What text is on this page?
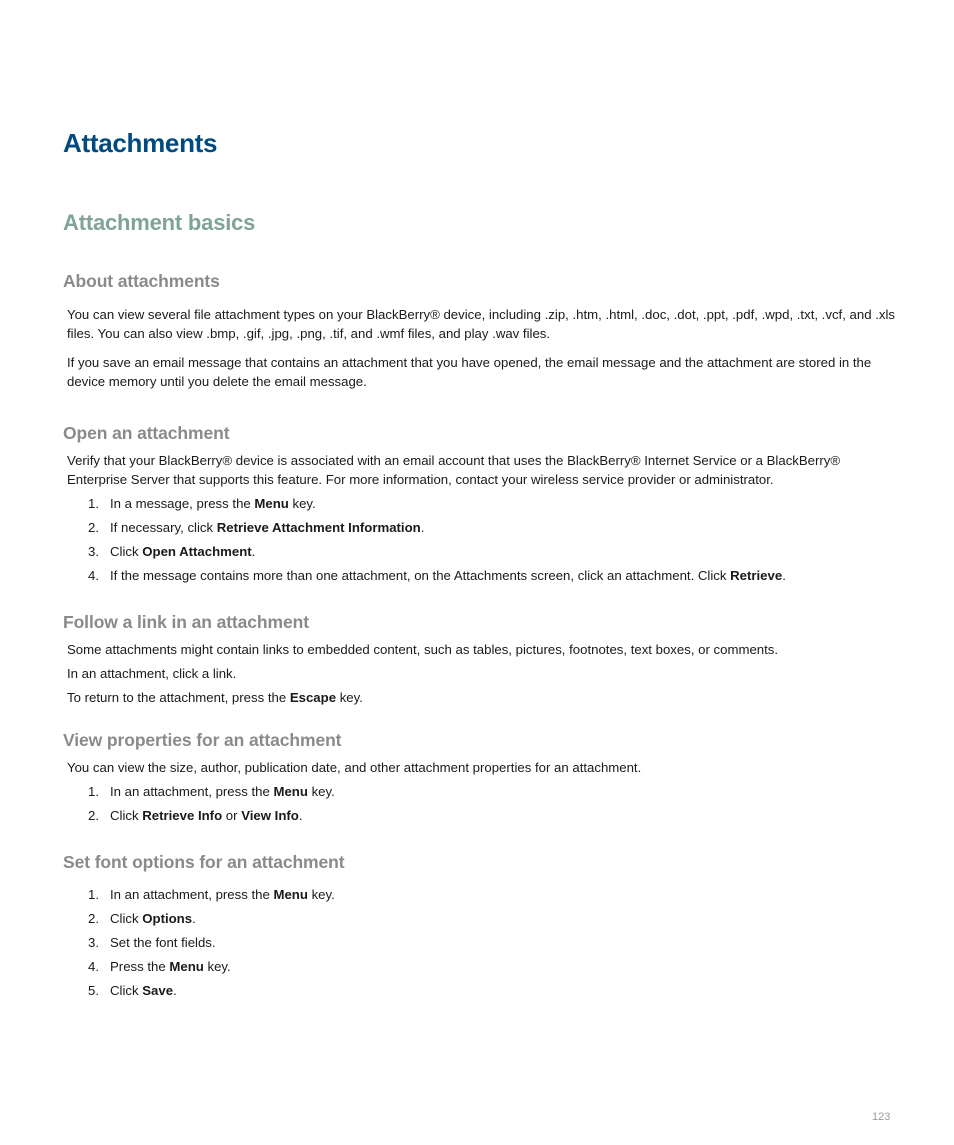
Attachments
Attachment basics
About attachments

You can view several file attachment types on your BlackBerry® device, including .zip, .htm, .html, .doc, .dot, .ppt, .pdf, .wpd, .txt, .vcf, and .xls files. You can also view .bmp, .gif, .jpg, .png, .tif, and .wmf files, and play .wav files.

If you save an email message that contains an attachment that you have opened, the email message and the attachment are stored in the device memory until you delete the email message.

Open an attachment

Verify that your BlackBerry® device is associated with an email account that uses the BlackBerry® Internet Service or a BlackBerry® Enterprise Server that supports this feature. For more information, contact your wireless service provider or administrator.

1. In a message, press the Menu key.
2. If necessary, click Retrieve Attachment Information.
3. Click Open Attachment.
4. If the message contains more than one attachment, on the Attachments screen, click an attachment. Click Retrieve.
Follow a link in an attachment

Some attachments might contain links to embedded content, such as tables, pictures, footnotes, text boxes, or comments.

In an attachment, click a link.

To return to the attachment, press the Escape key.

View properties for an attachment

You can view the size, author, publication date, and other attachment properties for an attachment.

1. In an attachment, press the Menu key.
2. Click Retrieve Info or View Info.
Set font options for an attachment
1. In an attachment, press the Menu key.
2. Click Options.
3. Set the font fields.
4. Press the Menu key.
5. Click Save.
123
